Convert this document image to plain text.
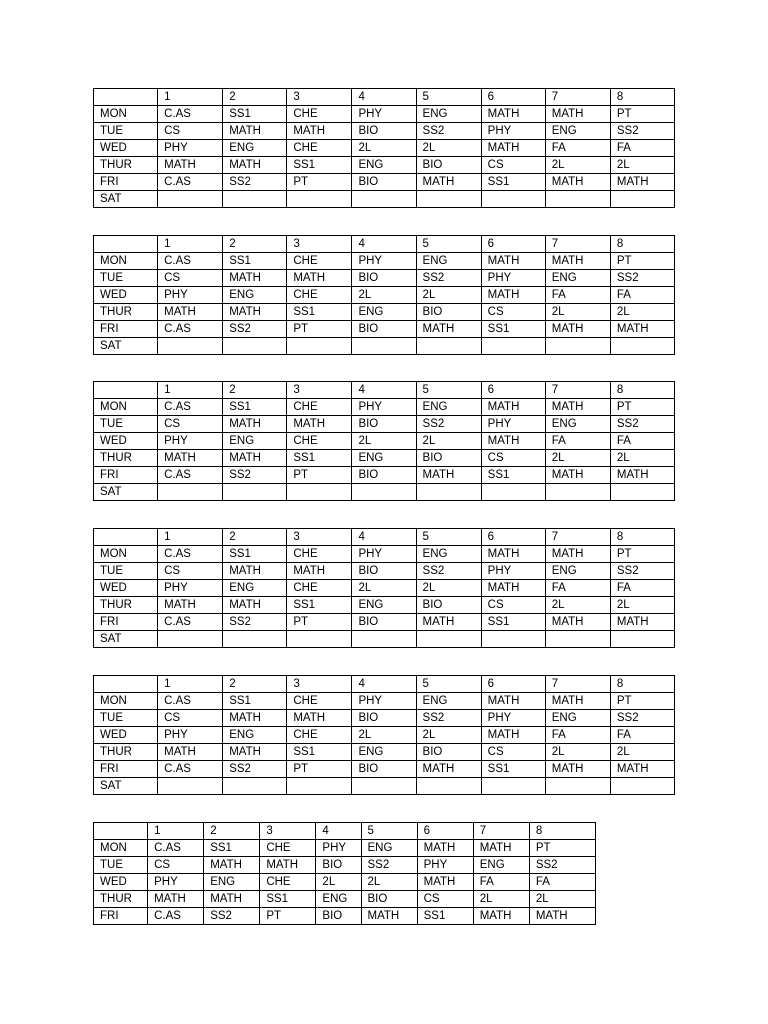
	1	2	3	4	5	6	7	8
MON	C.AS	SS1	CHE	PHY	ENG	MATH	MATH	PT
TUE	CS	MATH	MATH	BIO	SS2	PHY	ENG	SS2
WED	PHY	ENG	CHE	2L	2L	MATH	FA	FA
THUR	MATH	MATH	SS1	ENG	BIO	CS	2L	2L
FRI	C.AS	SS2	PT	BIO	MATH	SS1	MATH	MATH
SAT								
	1	2	3	4	5	6	7	8
MON	C.AS	SS1	CHE	PHY	ENG	MATH	MATH	PT
TUE	CS	MATH	MATH	BIO	SS2	PHY	ENG	SS2
WED	PHY	ENG	CHE	2L	2L	MATH	FA	FA
THUR	MATH	MATH	SS1	ENG	BIO	CS	2L	2L
FRI	C.AS	SS2	PT	BIO	MATH	SS1	MATH	MATH
SAT								
	1	2	3	4	5	6	7	8
MON	C.AS	SS1	CHE	PHY	ENG	MATH	MATH	PT
TUE	CS	MATH	MATH	BIO	SS2	PHY	ENG	SS2
WED	PHY	ENG	CHE	2L	2L	MATH	FA	FA
THUR	MATH	MATH	SS1	ENG	BIO	CS	2L	2L
FRI	C.AS	SS2	PT	BIO	MATH	SS1	MATH	MATH
SAT								
	1	2	3	4	5	6	7	8
MON	C.AS	SS1	CHE	PHY	ENG	MATH	MATH	PT
TUE	CS	MATH	MATH	BIO	SS2	PHY	ENG	SS2
WED	PHY	ENG	CHE	2L	2L	MATH	FA	FA
THUR	MATH	MATH	SS1	ENG	BIO	CS	2L	2L
FRI	C.AS	SS2	PT	BIO	MATH	SS1	MATH	MATH
SAT								
	1	2	3	4	5	6	7	8
MON	C.AS	SS1	CHE	PHY	ENG	MATH	MATH	PT
TUE	CS	MATH	MATH	BIO	SS2	PHY	ENG	SS2
WED	PHY	ENG	CHE	2L	2L	MATH	FA	FA
THUR	MATH	MATH	SS1	ENG	BIO	CS	2L	2L
FRI	C.AS	SS2	PT	BIO	MATH	SS1	MATH	MATH
SAT								
	1	2	3	4	5	6	7	8
MON	C.AS	SS1	CHE	PHY	ENG	MATH	MATH	PT
TUE	CS	MATH	MATH	BIO	SS2	PHY	ENG	SS2
WED	PHY	ENG	CHE	2L	2L	MATH	FA	FA
THUR	MATH	MATH	SS1	ENG	BIO	CS	2L	2L
FRI	C.AS	SS2	PT	BIO	MATH	SS1	MATH	MATH
